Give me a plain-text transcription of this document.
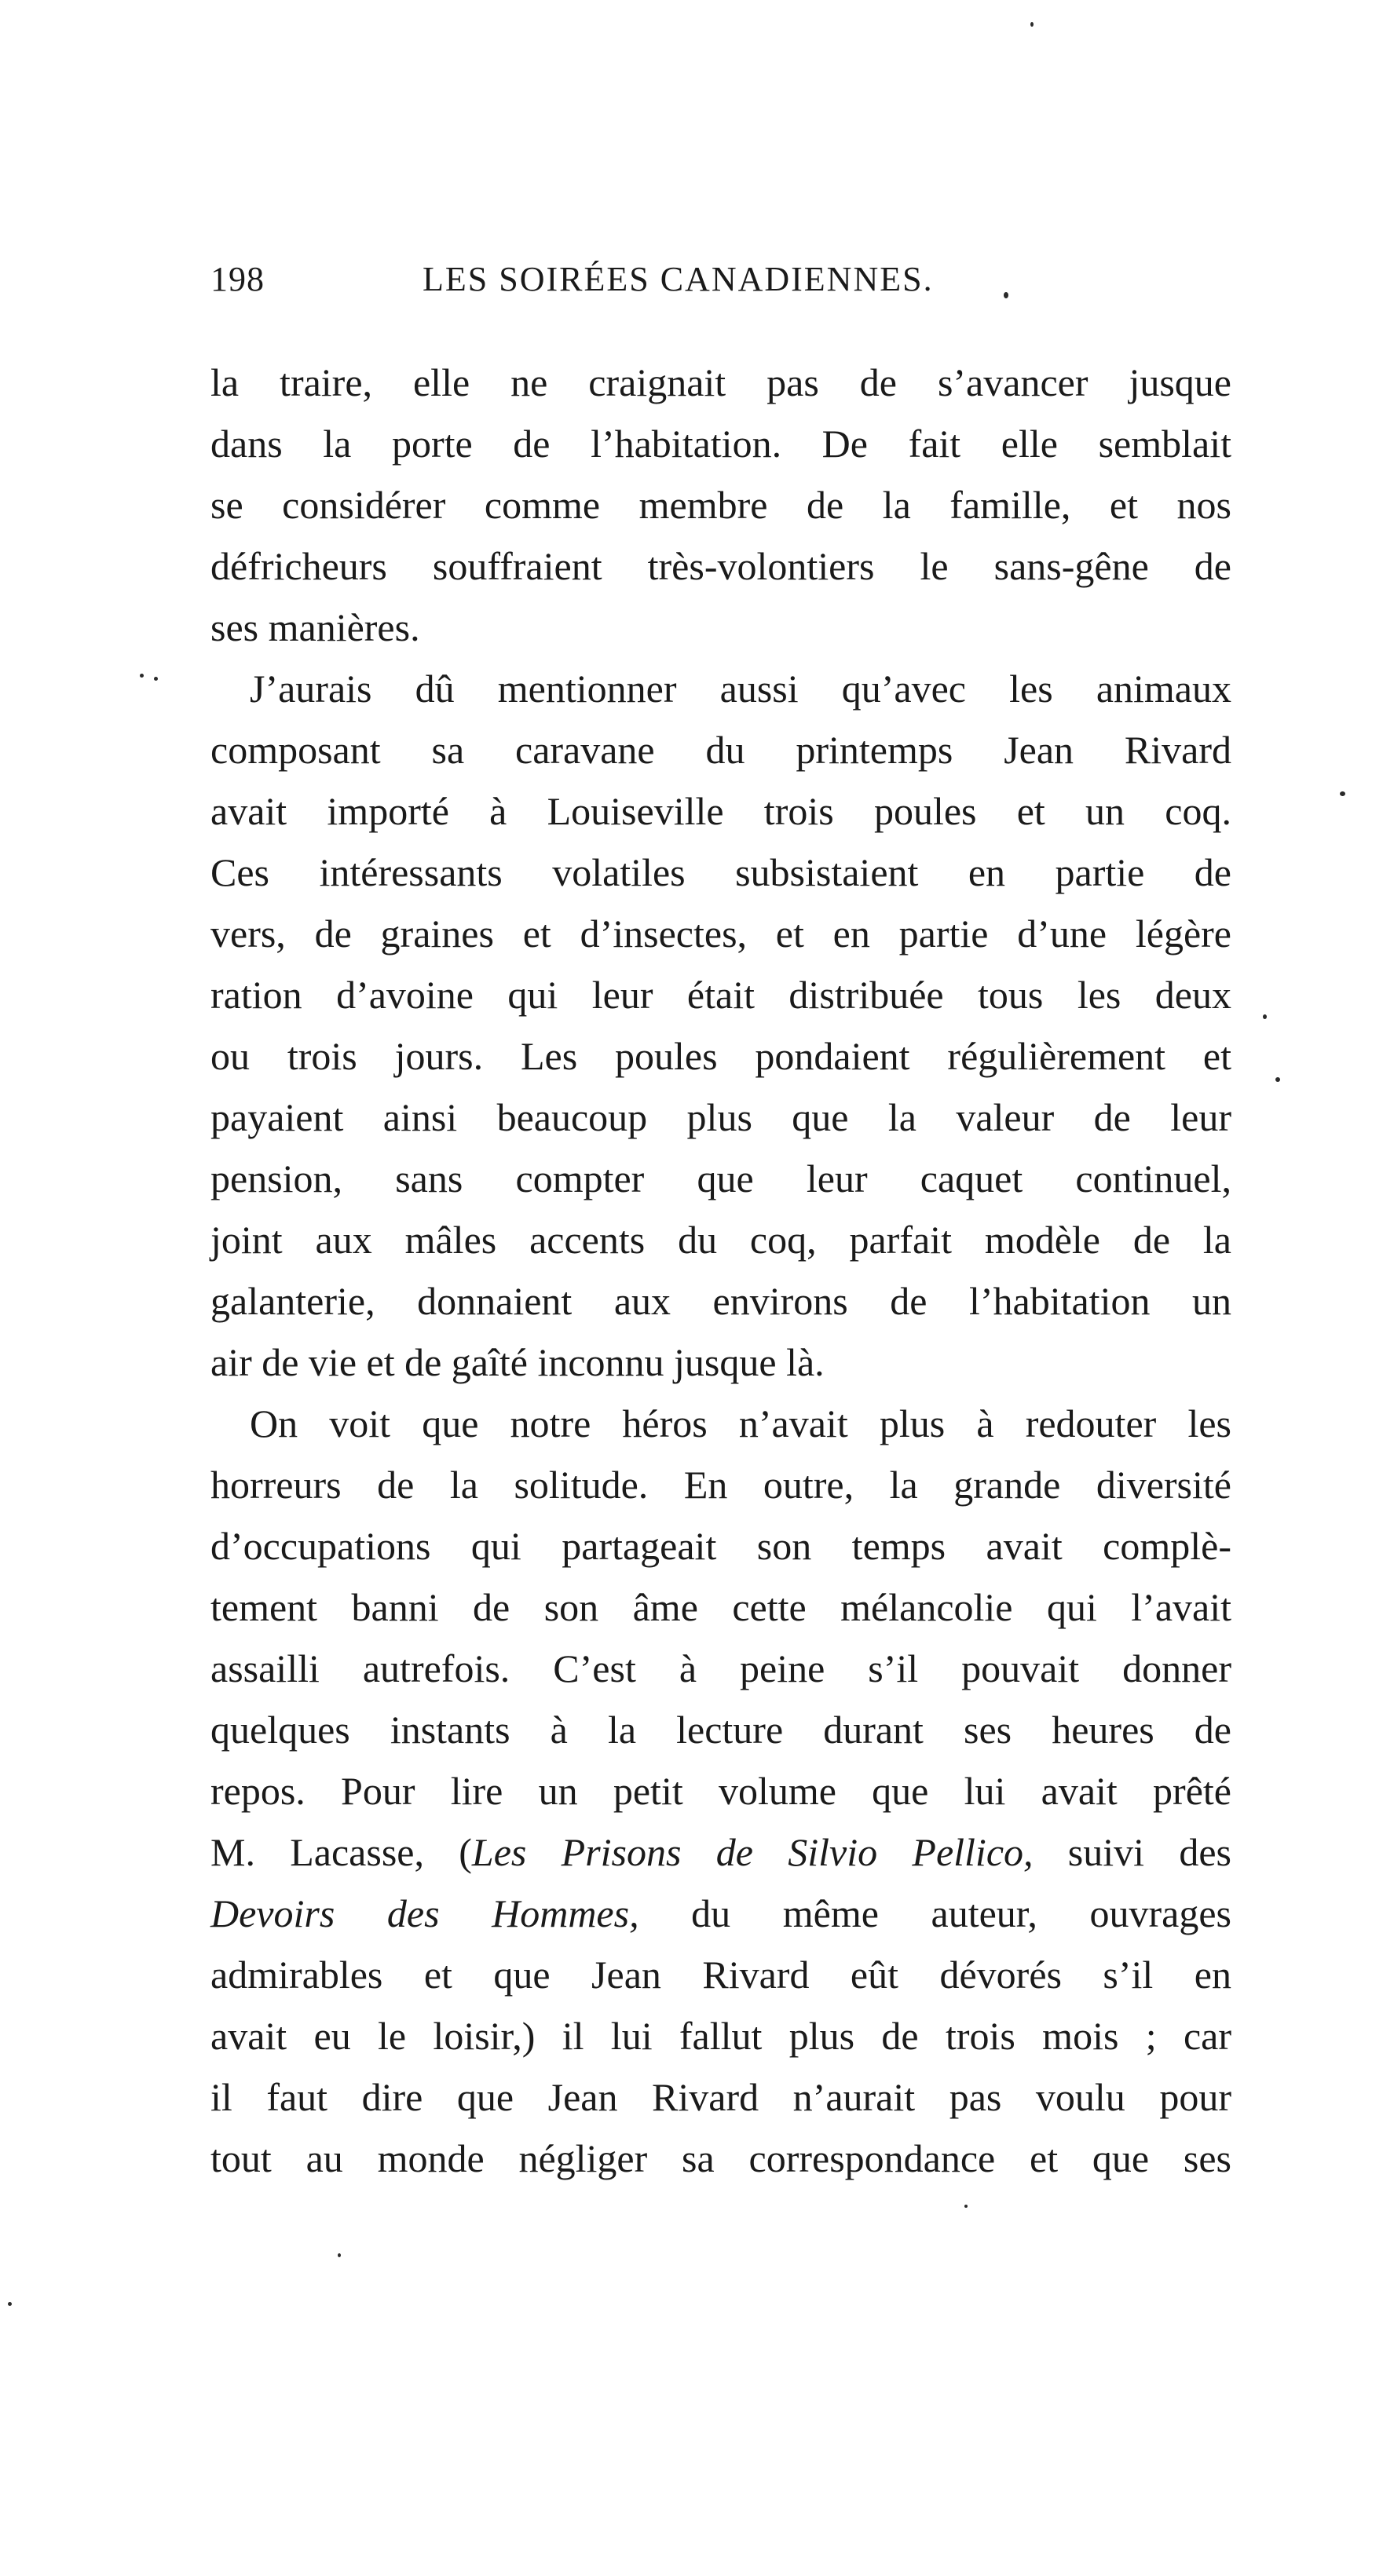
198	LES SOIRÉES CANADIENNES.
la traire, elle ne craignait pas de s’avancer jusque
dans la porte de l’habitation. De fait elle semblait
se considérer comme membre de la famille, et nos
défricheurs souffraient très-volontiers le sans-gêne de
ses manières.
J’aurais dû mentionner aussi qu’avec les animaux
composant sa caravane du printemps Jean Rivard
avait importé à Louiseville trois poules et un coq.
Ces intéressants volatiles subsistaient en partie de
vers, de graines et d’insectes, et en partie d’une légère
ration d’avoine qui leur était distribuée tous les deux
ou trois jours. Les poules pondaient régulièrement et
payaient ainsi beaucoup plus que la valeur de leur
pension, sans compter que leur caquet continuel,
joint aux mâles accents du coq, parfait modèle de la
galanterie, donnaient aux environs de l’habitation un
air de vie et de gaîté inconnu jusque là.
On voit que notre héros n’avait plus à redouter les
horreurs de la solitude. En outre, la grande diversité
d’occupations qui partageait son temps avait complè-
tement banni de son âme cette mélancolie qui l’avait
assailli autrefois. C’est à peine s’il pouvait donner
quelques instants à la lecture durant ses heures de
repos. Pour lire un petit volume que lui avait prêté
M. Lacasse, (Les Prisons de Silvio Pellico, suivi des
Devoirs des Hommes, du même auteur, ouvrages
admirables et que Jean Rivard eût dévorés s’il en
avait eu le loisir,) il lui fallut plus de trois mois ; car
il faut dire que Jean Rivard n’aurait pas voulu pour
tout au monde négliger sa correspondance et que ses
